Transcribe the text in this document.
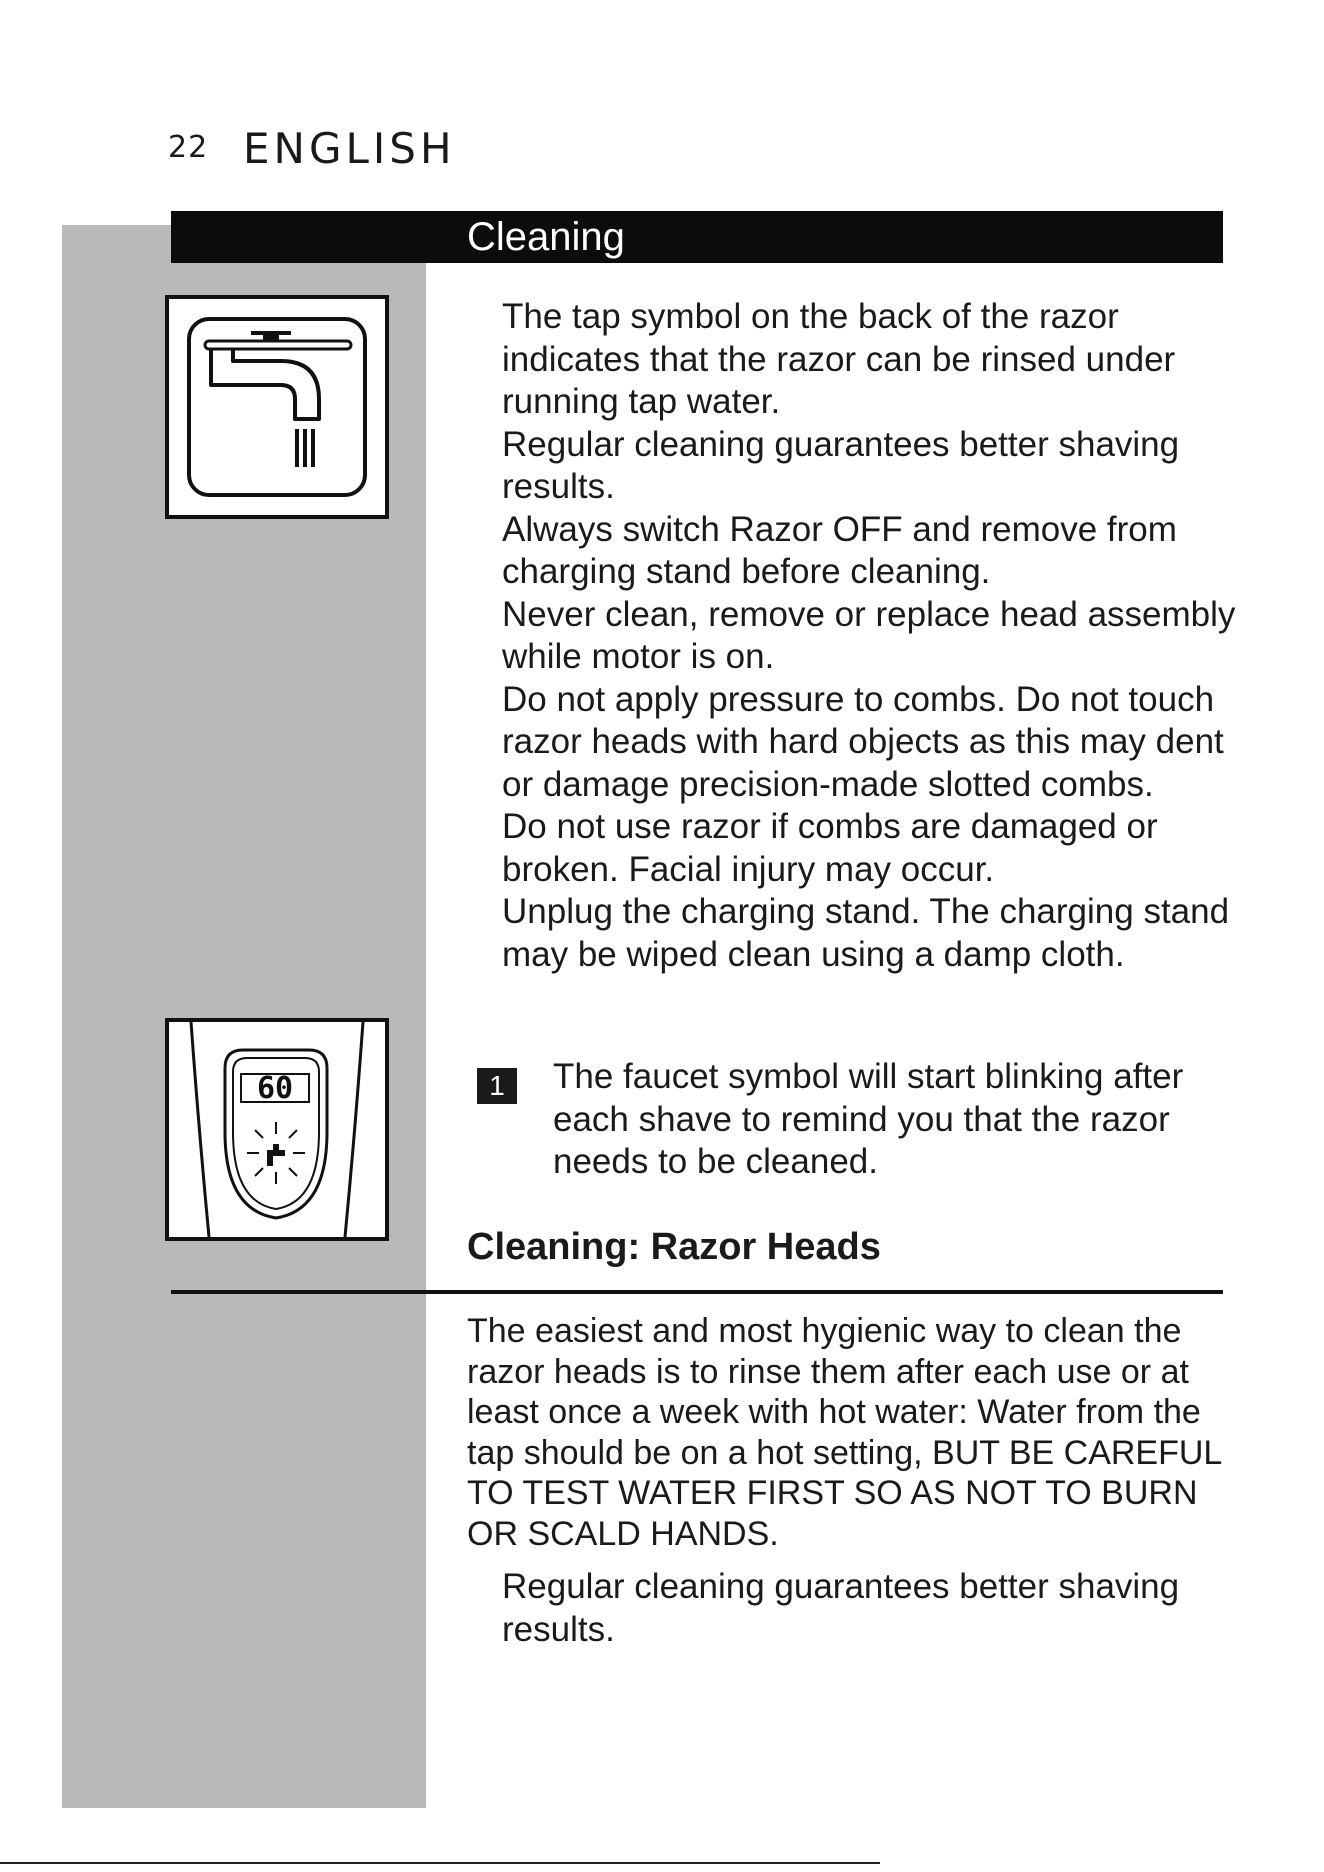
22 ENGLISH
Cleaning
The tap symbol on the back of the razor indicates that the razor can be rinsed under running tap water.
Regular cleaning guarantees better shaving results.
Always switch Razor OFF and remove from charging stand before cleaning.
Never clean, remove or replace head assembly while motor is on.
Do not apply pressure to combs. Do not touch razor heads with hard objects as this may dent or damage precision-made slotted combs.
Do not use razor if combs are damaged or broken. Facial injury may occur.
Unplug the charging stand. The charging stand may be wiped clean using a damp cloth.
60	1	The faucet symbol will start blinking after each shave to remind you that the razor needs to be cleaned.
Cleaning: Razor Heads
The easiest and most hygienic way to clean the razor heads is to rinse them after each use or at least once a week with hot water: Water from the tap should be on a hot setting, BUT BE CAREFUL TO TEST WATER FIRST SO AS NOT TO BURN OR SCALD HANDS.
Regular cleaning guarantees better shaving results.
